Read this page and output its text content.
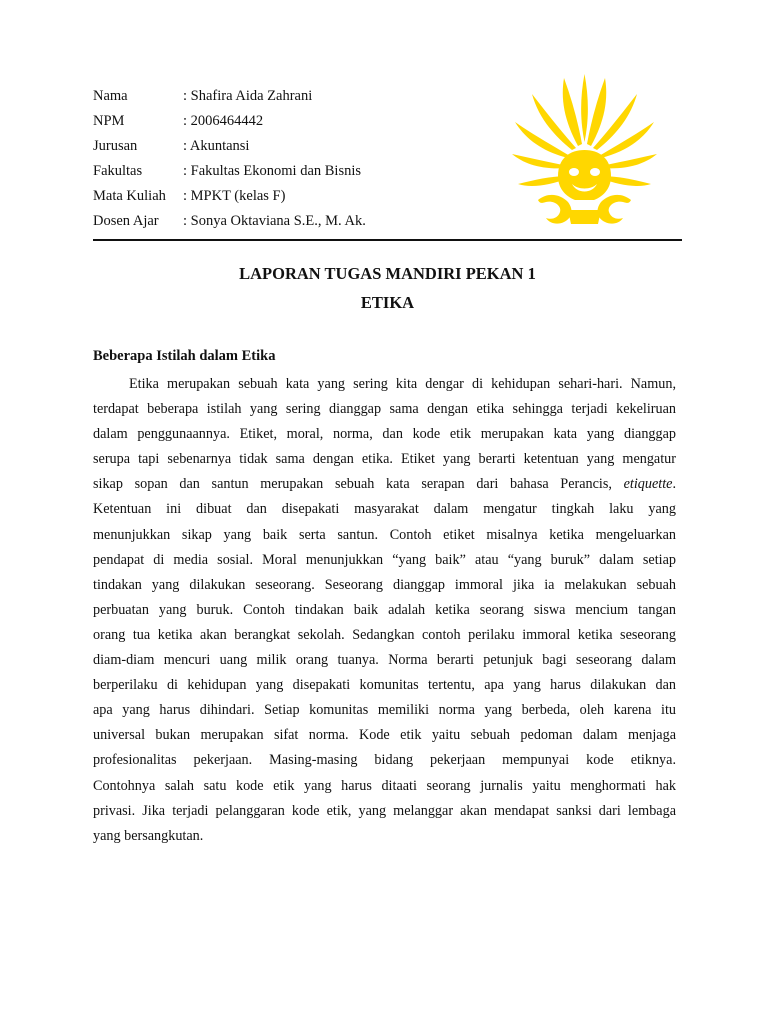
Nama	: Shafira Aida Zahrani
NPM	: 2006464442
Jurusan	: Akuntansi
Fakultas	: Fakultas Ekonomi dan Bisnis
Mata Kuliah	: MPKT (kelas F)
Dosen Ajar	: Sonya Oktaviana S.E., M. Ak.
LAPORAN TUGAS MANDIRI PEKAN 1
ETIKA
Beberapa Istilah dalam Etika
Etika merupakan sebuah kata yang sering kita dengar di kehidupan sehari-hari. Namun,
terdapat beberapa istilah yang sering dianggap sama dengan etika sehingga terjadi kekeliruan
dalam penggunaannya. Etiket, moral, norma, dan kode etik merupakan kata yang dianggap
serupa tapi sebenarnya tidak sama dengan etika. Etiket yang berarti ketentuan yang mengatur
sikap sopan dan santun merupakan sebuah kata serapan dari bahasa Perancis, etiquette.
Ketentuan ini dibuat dan disepakati masyarakat dalam mengatur tingkah laku yang
menunjukkan sikap yang baik serta santun. Contoh etiket misalnya ketika mengeluarkan
pendapat di media sosial. Moral menunjukkan “yang baik” atau “yang buruk” dalam setiap
tindakan yang dilakukan seseorang. Seseorang dianggap immoral jika ia melakukan sebuah
perbuatan yang buruk. Contoh tindakan baik adalah ketika seorang siswa mencium tangan
orang tua ketika akan berangkat sekolah. Sedangkan contoh perilaku immoral ketika seseorang
diam-diam mencuri uang milik orang tuanya. Norma berarti petunjuk bagi seseorang dalam
berperilaku di kehidupan yang disepakati komunitas tertentu, apa yang harus dilakukan dan
apa yang harus dihindari. Setiap komunitas memiliki norma yang berbeda, oleh karena itu
universal bukan merupakan sifat norma. Kode etik yaitu sebuah pedoman dalam menjaga
profesionalitas pekerjaan. Masing-masing bidang pekerjaan mempunyai kode etiknya.
Contohnya salah satu kode etik yang harus ditaati seorang jurnalis yaitu menghormati hak
privasi. Jika terjadi pelanggaran kode etik, yang melanggar akan mendapat sanksi dari lembaga
yang bersangkutan.
